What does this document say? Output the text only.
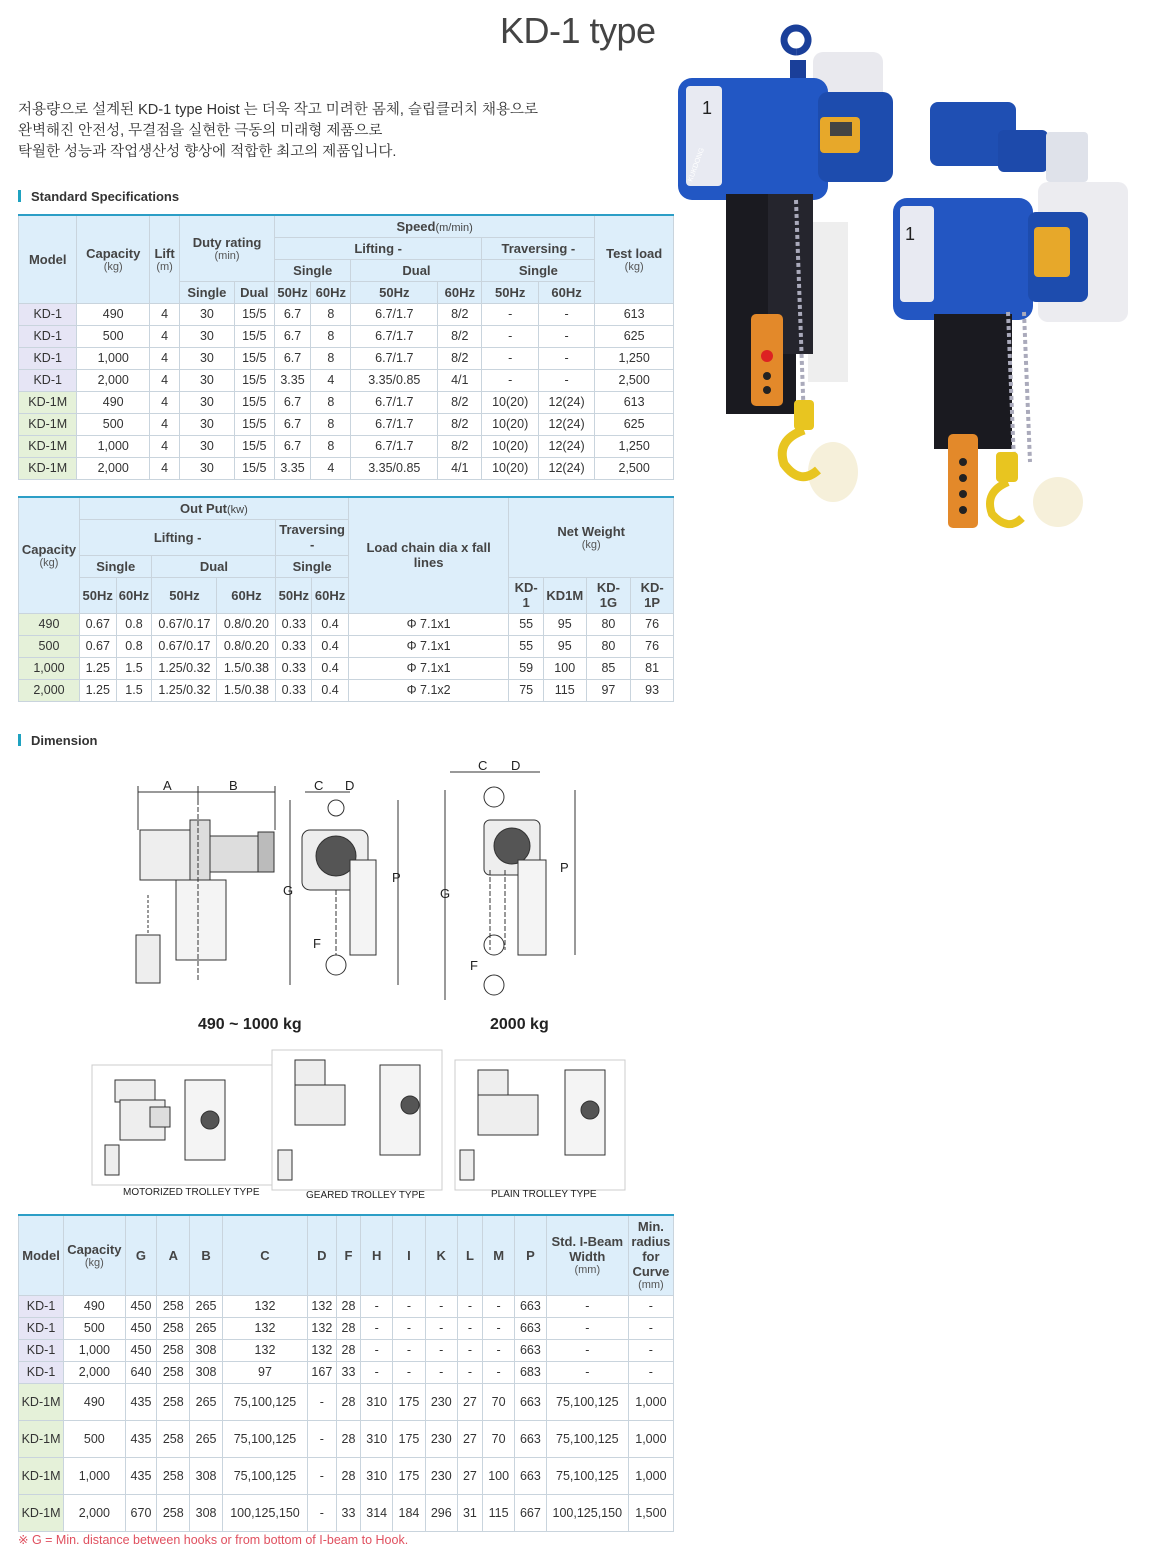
KD-1 type
저용량으로 설계된 KD-1 type Hoist 는 더욱 작고 미려한 몸체, 슬립클러치 채용으로
완벽해진 안전성, 무결점을 실현한 극동의 미래형 제품으로
탁월한 성능과 작업생산성 향상에 적합한 최고의 제품입니다.
1
KUKDONG
1
Standard Specifications
Model	Capacity
(kg)	Lift
(m)	Duty rating
(min)		Speed(m/min)						Test load
(kg)

					Lifting -				Traversing -		
					Single		Dual		Single		
			Single	Dual	50Hz	60Hz	50Hz	60Hz	50Hz	60Hz	
KD-1	490	4	30	15/5	6.7	8	6.7/1.7	8/2	-	-	613
KD-1	500	4	30	15/5	6.7	8	6.7/1.7	8/2	-	-	625
KD-1	1,000	4	30	15/5	6.7	8	6.7/1.7	8/2	-	-	1,250
KD-1	2,000	4	30	15/5	3.35	4	3.35/0.85	4/1	-	-	2,500
KD-1M	490	4	30	15/5	6.7	8	6.7/1.7	8/2	10(20)	12(24)	613
KD-1M	500	4	30	15/5	6.7	8	6.7/1.7	8/2	10(20)	12(24)	625
KD-1M	1,000	4	30	15/5	6.7	8	6.7/1.7	8/2	10(20)	12(24)	1,250
KD-1M	2,000	4	30	15/5	3.35	4	3.35/0.85	4/1	10(20)	12(24)	2,500
Capacity
(kg)	Out Put(kw)						Load chain dia x fall lines	Net Weight
(kg)			

	Lifting -				Traversing -						
	Single		Dual		Single						
	50Hz	60Hz	50Hz	60Hz	50Hz	60Hz		KD-1	KD1M	KD-1G	KD-1P
490	0.67	0.8	0.67/0.17	0.8/0.20	0.33	0.4	Φ 7.1x1	55	95	80	76
500	0.67	0.8	0.67/0.17	0.8/0.20	0.33	0.4	Φ 7.1x1	55	95	80	76
1,000	1.25	1.5	1.25/0.32	1.5/0.38	0.33	0.4	Φ 7.1x1	59	100	85	81
2,000	1.25	1.5	1.25/0.32	1.5/0.38	0.33	0.4	Φ 7.1x2	75	115	97	93
Dimension
A	B	C D
G
P
F
C D
G
P
F
490 ~ 1000 kg	2000 kg
MOTORIZED TROLLEY TYPE	GEARED TROLLEY TYPE	PLAIN TROLLEY TYPE
Model	Capacity
(kg)	G	A	B	C	D	F	H	I	K	L	M	P	Std. I-Beam Width
(mm)	Min. radius for Curve
(mm)

KD-1	490	450	258	265	132	132	28	-	-	-	-	-	663	-	-
KD-1	500	450	258	265	132	132	28	-	-	-	-	-	663	-	-
KD-1	1,000	450	258	308	132	132	28	-	-	-	-	-	663	-	-
KD-1	2,000	640	258	308	97	167	33	-	-	-	-	-	683	-	-
KD-1M	490	435	258	265	75,100,125	-	28	310	175	230	27	70	663	75,100,125	1,000
KD-1M	500	435	258	265	75,100,125	-	28	310	175	230	27	70	663	75,100,125	1,000
KD-1M	1,000	435	258	308	75,100,125	-	28	310	175	230	27	100	663	75,100,125	1,000
KD-1M	2,000	670	258	308	100,125,150	-	33	314	184	296	31	115	667	100,125,150	1,500
※ G = Min. distance between hooks or from bottom of I-beam to Hook.
